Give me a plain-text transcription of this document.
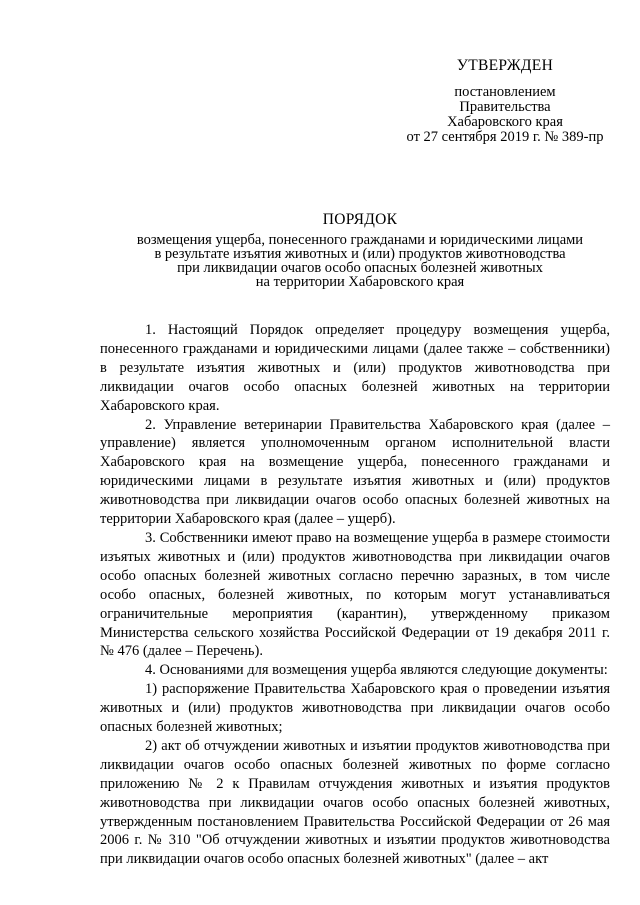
УТВЕРЖДЕН
постановлением
Правительства
Хабаровского края
от 27 сентября 2019 г. № 389-пр
ПОРЯДОК
возмещения ущерба, понесенного гражданами и юридическими лицами
в результате изъятия животных и (или) продуктов животноводства
при ликвидации очагов особо опасных болезней животных
на территории Хабаровского края

1. Настоящий Порядок определяет процедуру возмещения ущерба, понесенного гражданами и юридическими лицами (далее также – собственники) в результате изъятия животных и (или) продуктов животноводства при ликвидации очагов особо опасных болезней животных на территории Хабаровского края.

2. Управление ветеринарии Правительства Хабаровского края (далее – управление) является уполномоченным органом исполнительной власти Хабаровского края на возмещение ущерба, понесенного гражданами и юридическими лицами в результате изъятия животных и (или) продуктов животноводства при ликвидации очагов особо опасных болезней животных на территории Хабаровского края (далее – ущерб).

3. Собственники имеют право на возмещение ущерба в размере стоимости изъятых животных и (или) продуктов животноводства при ликвидации очагов особо опасных болезней животных согласно перечню заразных, в том числе особо опасных, болезней животных, по которым могут устанавливаться ограничительные мероприятия (карантин), утвержденному приказом Министерства сельского хозяйства Российской Федерации от 19 декабря 2011 г. № 476 (далее – Перечень).

4. Основаниями для возмещения ущерба являются следующие документы:

1) распоряжение Правительства Хабаровского края о проведении изъятия животных и (или) продуктов животноводства при ликвидации очагов особо опасных болезней животных;

2) акт об отчуждении животных и изъятии продуктов животноводства при ликвидации очагов особо опасных болезней животных по форме согласно приложению № 2 к Правилам отчуждения животных и изъятия продуктов животноводства при ликвидации очагов особо опасных болезней животных, утвержденным постановлением Правительства Российской Федерации от 26 мая 2006 г. № 310 "Об отчуждении животных и изъятии продуктов животноводства при ликвидации очагов особо опасных болезней животных" (далее – акт
